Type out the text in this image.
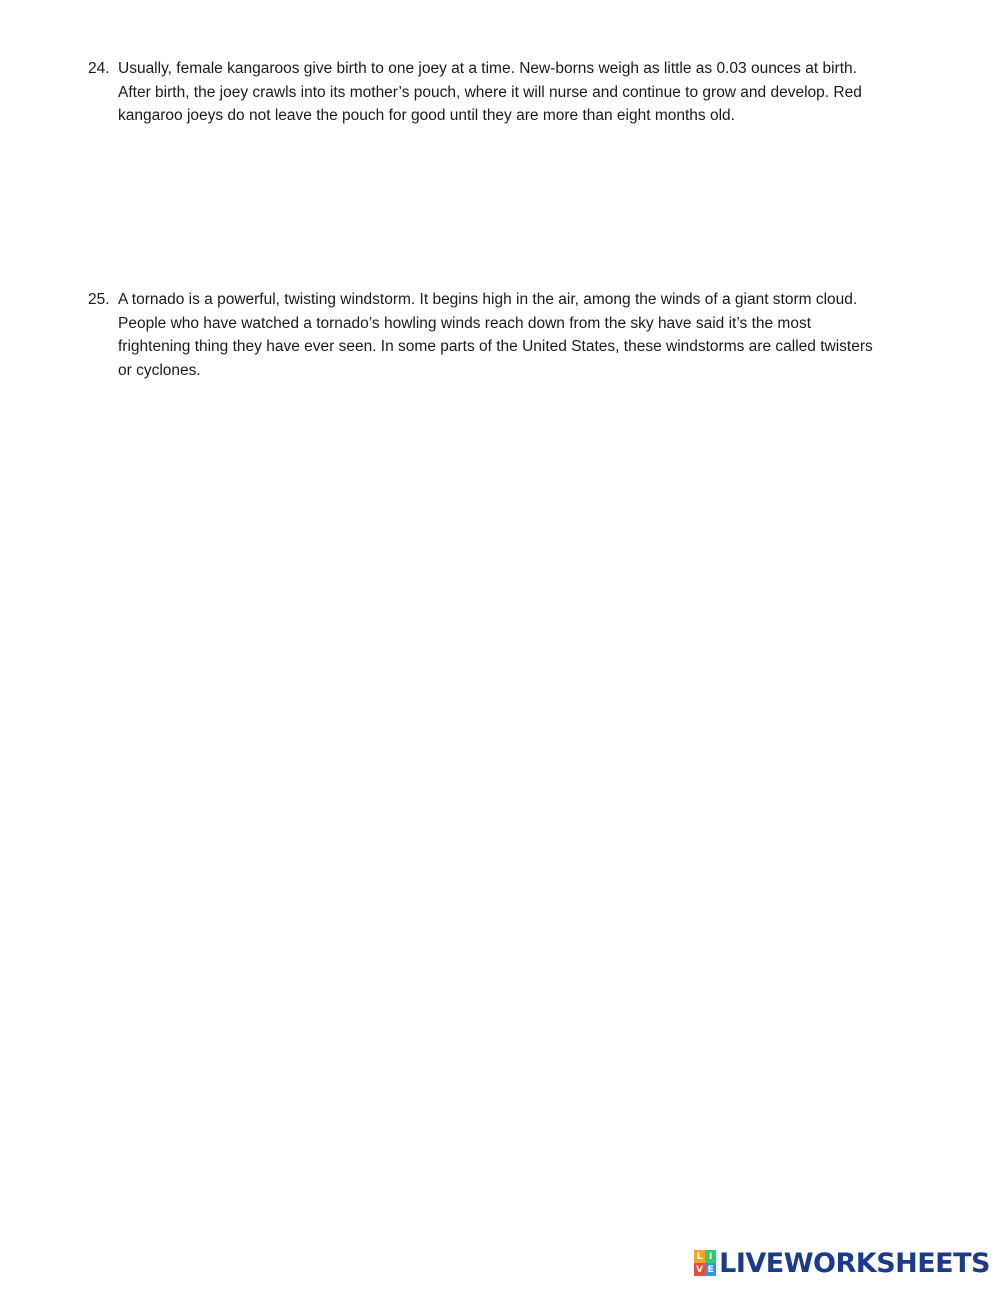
24. Usually, female kangaroos give birth to one joey at a time. New-borns weigh as little as 0.03 ounces at birth.
After birth, the joey crawls into its mother’s pouch, where it will nurse and continue to grow and develop. Red
kangaroo joeys do not leave the pouch for good until they are more than eight months old.
25. A tornado is a powerful, twisting windstorm. It begins high in the air, among the winds of a giant storm cloud.
People who have watched a tornado’s howling winds reach down from the sky have said it’s the most
frightening thing they have ever seen. In some parts of the United States, these windstorms are called twisters
or cyclones.
L I
V E LIVEWORKSHEETS
